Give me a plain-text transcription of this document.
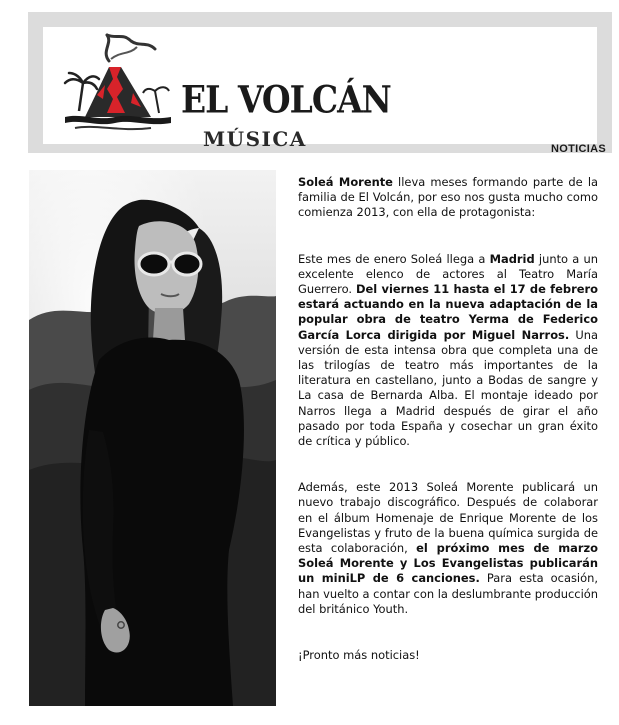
EL VOLCÁN
MÚSICA	NOTICIAS

Soleá Morente lleva meses formando parte de la familia de El Volcán, por eso nos gusta mucho como comienza 2013, con ella de protagonista:

Este mes de enero Soleá llega a Madrid junto a un excelente elenco de actores al Teatro María Guerrero. Del viernes 11 hasta el 17 de febrero estará actuando en la nueva adaptación de la popular obra de teatro Yerma de Federico García Lorca dirigida por Miguel Narros. Una versión de esta intensa obra que completa una de las trilogías de teatro más importantes de la literatura en castellano, junto a Bodas de sangre y La casa de Bernarda Alba. El montaje ideado por Narros llega a Madrid después de girar el año pasado por toda España y cosechar un gran éxito de crítica y público.

Además, este 2013 Soleá Morente publicará un nuevo trabajo discográfico. Después de colaborar en el álbum Homenaje de Enrique Morente de los Evangelistas y fruto de la buena química surgida de esta colaboración, el próximo mes de marzo Soleá Morente y Los Evangelistas publicarán un miniLP de 6 canciones. Para esta ocasión, han vuelto a contar con la deslumbrante producción del británico Youth.

¡Pronto más noticias!
